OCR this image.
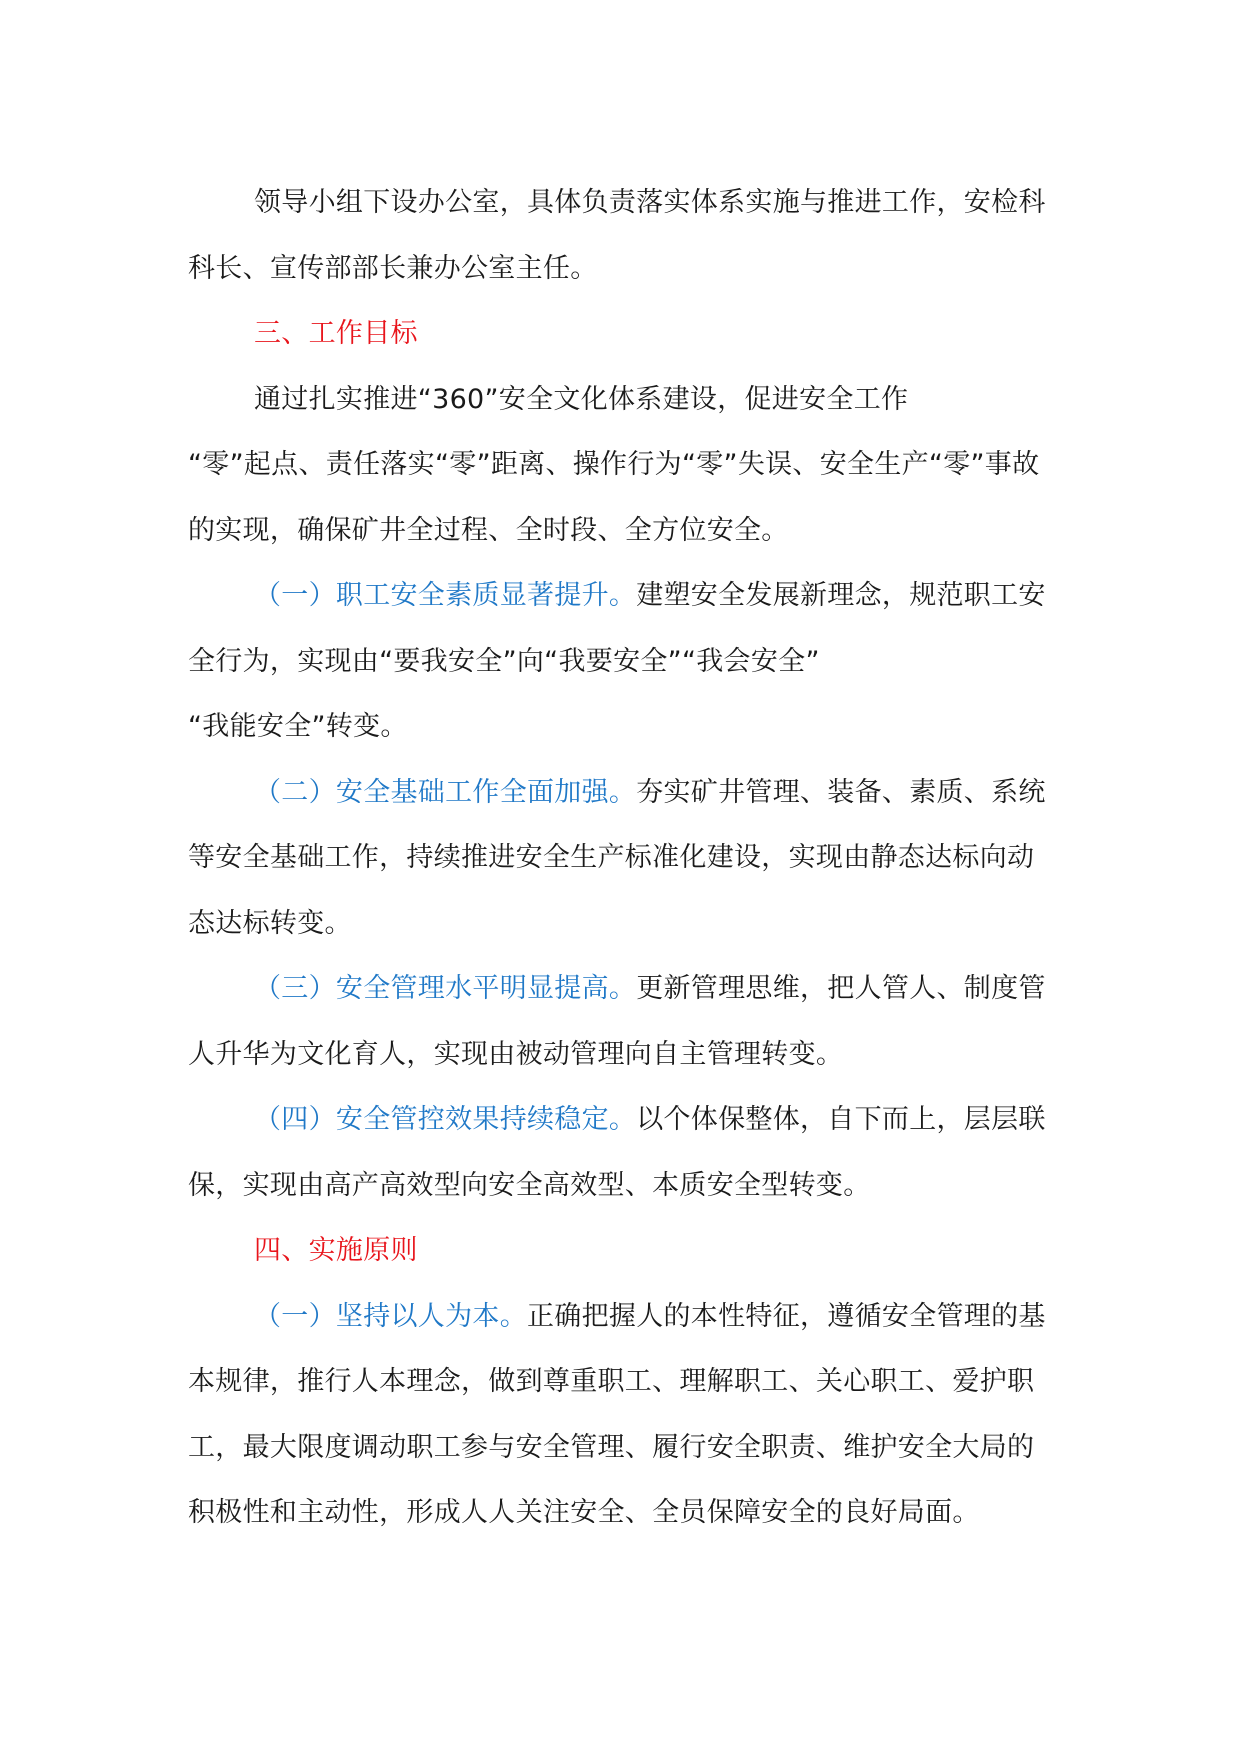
领导小组下设办公室，具体负责落实体系实施与推进工作，安检科科长、宣传部部长兼办公室主任。

三、工作目标

通过扎实推进“360”安全文化体系建设，促进安全工作

“零”起点、责任落实“零”距离、操作行为“零”失误、安全生产“零”事故的实现，确保矿井全过程、全时段、全方位安全。

（一）职工安全素质显著提升。建塑安全发展新理念，规范职工安全行为，实现由“要我安全”向“我要安全”“我会安全”

“我能安全”转变。

（二）安全基础工作全面加强。夯实矿井管理、装备、素质、系统等安全基础工作，持续推进安全生产标准化建设，实现由静态达标向动态达标转变。

（三）安全管理水平明显提高。更新管理思维，把人管人、制度管人升华为文化育人，实现由被动管理向自主管理转变。

（四）安全管控效果持续稳定。以个体保整体，自下而上，层层联保，实现由高产高效型向安全高效型、本质安全型转变。

四、实施原则

（一）坚持以人为本。正确把握人的本性特征，遵循安全管理的基本规律，推行人本理念，做到尊重职工、理解职工、关心职工、爱护职工，最大限度调动职工参与安全管理、履行安全职责、维护安全大局的积极性和主动性，形成人人关注安全、全员保障安全的良好局面。
